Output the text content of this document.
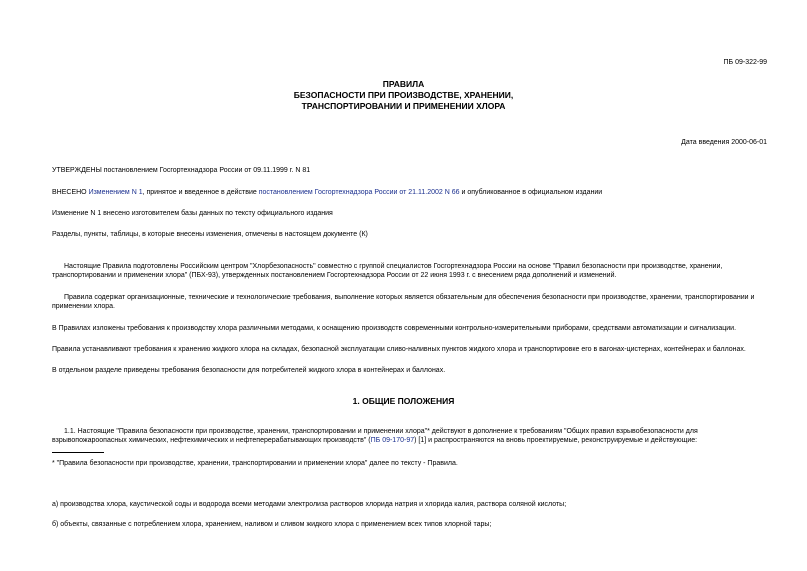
ПБ 09-322-99
ПРАВИЛА
БЕЗОПАСНОСТИ ПРИ ПРОИЗВОДСТВЕ, ХРАНЕНИИ,
ТРАНСПОРТИРОВАНИИ И ПРИМЕНЕНИИ ХЛОРА
Дата введения 2000-06-01
УТВЕРЖДЕНЫ постановлением Госгортехнадзора России от 09.11.1999 г. N 81
ВНЕСЕНО Изменением N 1, принятое и введенное в действие постановлением Госгортехнадзора России от 21.11.2002 N 66 и опубликованное в официальном издании
Изменение N 1 внесено изготовителем базы данных по тексту официального издания
Разделы, пункты, таблицы, в которые внесены изменения, отмечены в настоящем документе (К)
Настоящие Правила подготовлены Российским центром "Хлорбезопасность" совместно с группой специалистов Госгортехнадзора России на основе "Правил безопасности при производстве, хранении,
транспортировании и применении хлора" (ПБХ-93), утвержденных постановлением Госгортехнадзора России от 22 июня 1993 г. с внесением ряда дополнений и изменений.
Правила содержат организационные, технические и технологические требования, выполнение которых является обязательным для обеспечения безопасности при производстве, хранении, транспортировании и
применении хлора.
В Правилах изложены требования к производству хлора различными методами, к оснащению производств современными контрольно-измерительными приборами, средствами автоматизации и сигнализации.
Правила устанавливают требования к хранению жидкого хлора на складах, безопасной эксплуатации сливо-наливных пунктов жидкого хлора и транспортировке его в вагонах-цистернах, контейнерах и баллонах.
В отдельном разделе приведены требования безопасности для потребителей жидкого хлора в контейнерах и баллонах.
1. ОБЩИЕ ПОЛОЖЕНИЯ
1.1. Настоящие "Правила безопасности при производстве, хранении, транспортировании и применении хлора"* действуют в дополнение к требованиям "Общих правил взрывобезопасности для
взрывопожароопасных химических, нефтехимических и нефтеперерабатывающих производств" (ПБ 09-170-97) [1] и распространяются на вновь проектируемые, реконструируемые и действующие:
* "Правила безопасности при производстве, хранении, транспортировании и применении хлора" далее по тексту - Правила.
а) производства хлора, каустической соды и водорода всеми методами электролиза растворов хлорида натрия и хлорида калия, раствора соляной кислоты;
б) объекты, связанные с потреблением хлора, хранением, наливом и сливом жидкого хлора с применением всех типов хлорной тары;
